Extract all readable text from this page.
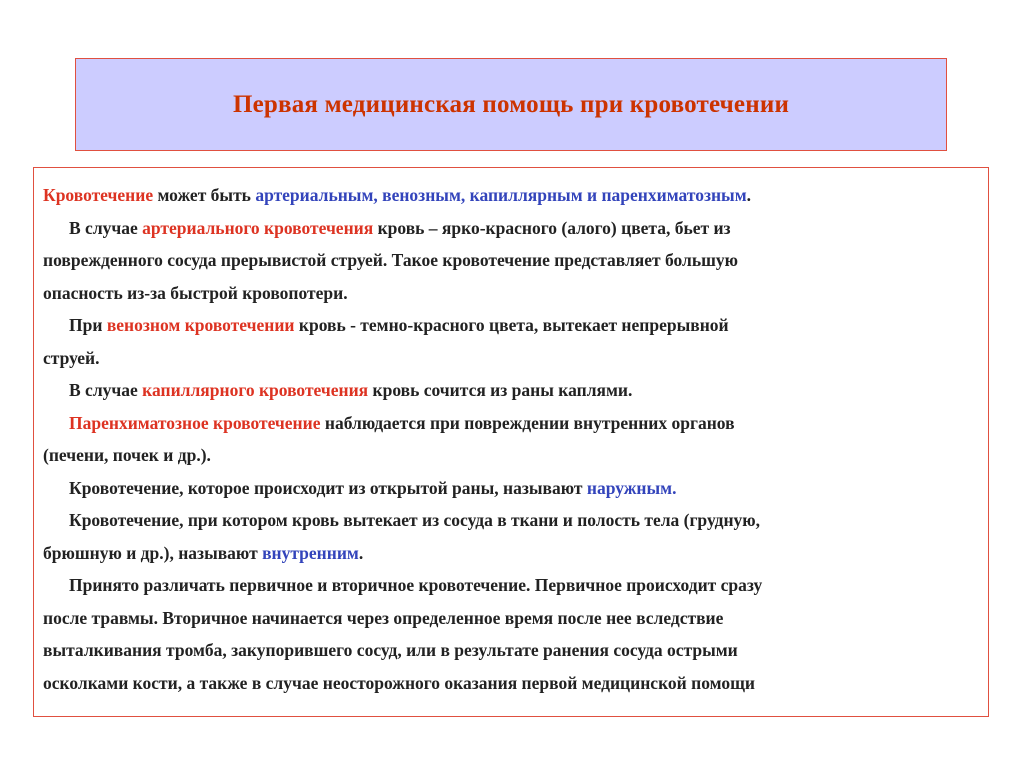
Первая медицинская помощь при кровотечении

Кровотечение может быть артериальным, венозным, капиллярным и паренхиматозным.

В случае артериального кровотечения кровь – ярко-красного (алого) цвета, бьет из

поврежденного сосуда прерывистой струей. Такое кровотечение представляет большую

опасность из-за быстрой кровопотери.

При венозном кровотечении кровь - темно-красного цвета, вытекает непрерывной

струей.

В случае капиллярного кровотечения кровь сочится из раны каплями.

Паренхиматозное кровотечение наблюдается при повреждении внутренних органов

(печени, почек и др.).

Кровотечение, которое происходит из открытой раны, называют наружным.

Кровотечение, при котором кровь вытекает из сосуда в ткани и полость тела (грудную,

брюшную и др.), называют внутренним.

Принято различать первичное и вторичное кровотечение. Первичное происходит сразу

после травмы. Вторичное начинается через определенное время после нее вследствие

выталкивания тромба, закупорившего сосуд, или в результате ранения сосуда острыми

осколками кости, а также в случае неосторожного оказания первой медицинской помощи
